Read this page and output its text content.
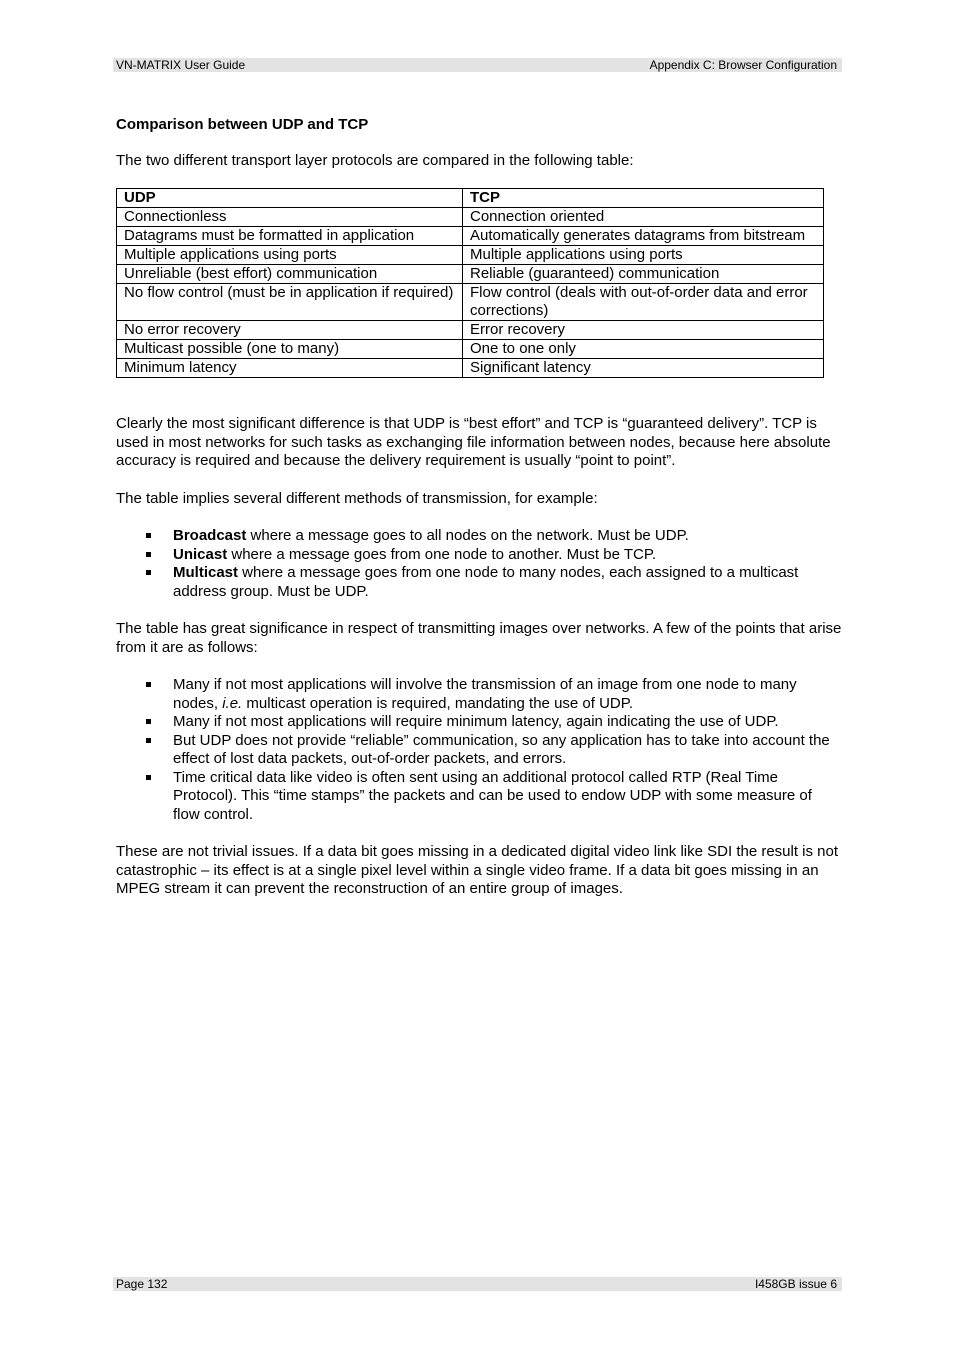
VN-MATRIX User Guide	Appendix C: Browser Configuration
Comparison between UDP and TCP

The two different transport layer protocols are compared in the following table:

UDP	TCP
Connectionless	Connection oriented
Datagrams must be formatted in application	Automatically generates datagrams from bitstream
Multiple applications using ports	Multiple applications using ports
Unreliable (best effort) communication	Reliable (guaranteed) communication
No flow control (must be in application if required)	Flow control (deals with out-of-order data and error corrections)
No error recovery	Error recovery
Multicast possible (one to many)	One to one only
Minimum latency	Significant latency

Clearly the most significant difference is that UDP is “best effort” and TCP is “guaranteed delivery”. TCP is used in most networks for such tasks as exchanging file information between nodes, because here absolute accuracy is required and because the delivery requirement is usually “point to point”.

The table implies several different methods of transmission, for example:

Broadcast where a message goes to all nodes on the network. Must be UDP.
Unicast where a message goes from one node to another. Must be TCP.
Multicast where a message goes from one node to many nodes, each assigned to a multicast address group. Must be UDP.

The table has great significance in respect of transmitting images over networks. A few of the points that arise from it are as follows:

Many if not most applications will involve the transmission of an image from one node to many nodes, i.e. multicast operation is required, mandating the use of UDP.
Many if not most applications will require minimum latency, again indicating the use of UDP.
But UDP does not provide “reliable” communication, so any application has to take into account the effect of lost data packets, out-of-order packets, and errors.
Time critical data like video is often sent using an additional protocol called RTP (Real Time Protocol). This “time stamps” the packets and can be used to endow UDP with some measure of flow control.

These are not trivial issues. If a data bit goes missing in a dedicated digital video link like SDI the result is not catastrophic – its effect is at a single pixel level within a single video frame. If a data bit goes missing in an MPEG stream it can prevent the reconstruction of an entire group of images.

Page 132	I458GB issue 6
